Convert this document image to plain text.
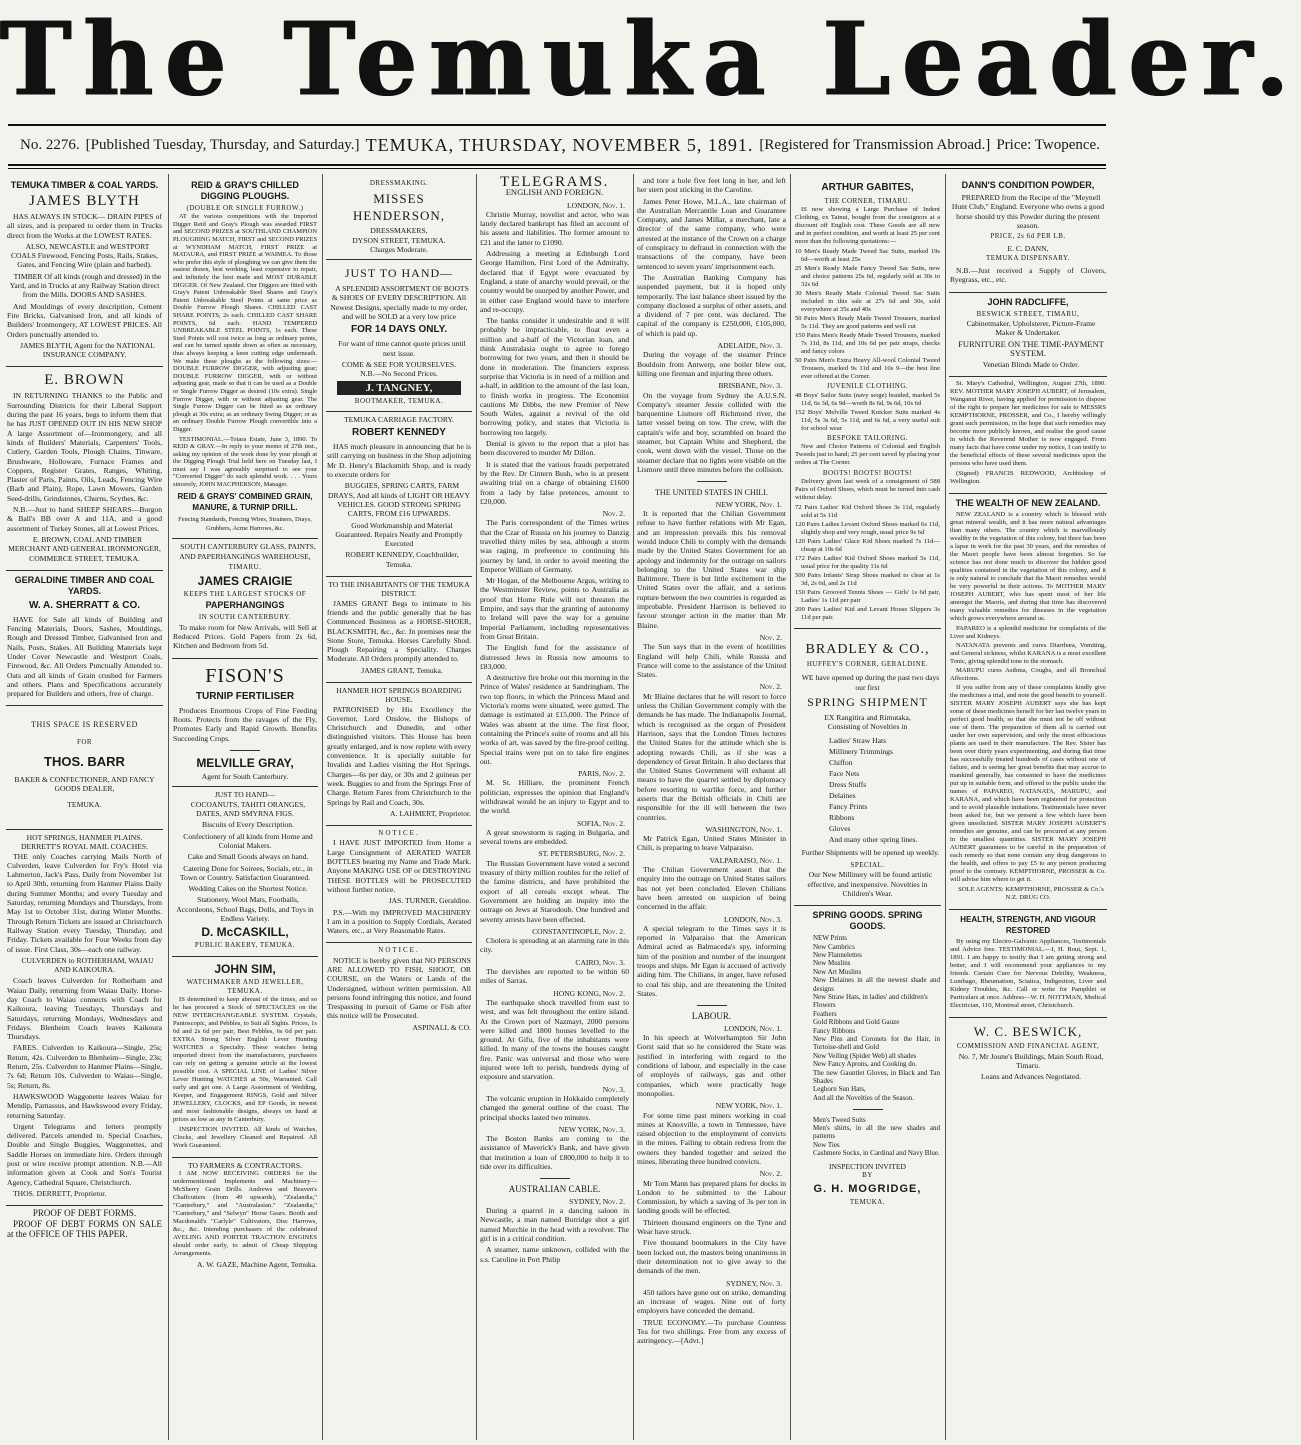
The Temuka Leader.
No. 2276. [Published Tuesday, Thursday, and Saturday.] TEMUKA, THURSDAY, NOVEMBER 5, 1891. [Registered for Transmission Abroad.] Price: Twopence.
TEMUKA TIMBER & COAL YARDS.
JAMES BLYTH

HAS ALWAYS IN STOCK— DRAIN PIPES of all sizes, and is prepared to order them in Trucks direct from the Works at the LOWEST RATES.

ALSO, NEWCASTLE and WESTPORT COALS Firewood, Fencing Posts, Rails, Stakes, Gates, and Fencing Wire (plain and barbed).

TIMBER Of all kinds (rough and dressed) in the Yard, and in Trucks at any Railway Station direct from the Mills. DOORS AND SASHES.

And Mouldings of every description, Cement Fire Bricks, Galvanised Iron, and all kinds of Builders' Ironmongery, AT LOWEST PRICES. All Orders punctually attended to.

JAMES BLYTH, Agent for the NATIONAL INSURANCE COMPANY.

E. BROWN

IN RETURNING THANKS to the Public and Surrounding Districts for their Liberal Support during the past 16 years, begs to inform them that he has JUST OPENED OUT IN HIS NEW SHOP A large Assortment of—Ironmongery, and all kinds of Builders' Materials, Carpenters' Tools, Cutlery, Garden Tools, Plough Chains, Tinware, Brushware, Holloware, Furnace Frames and Coppers, Register Grates, Ranges, Whiting, Plaster of Paris, Paints, Oils, Leads, Fencing Wire (Barb and Plain), Rope, Lawn Mowers, Garden Seed-drills, Grindstones, Churns, Scythes, &c.

N.B.—Just to hand SHEEP SHEARS—Burgon & Ball's BB over A and 11A, and a good assortment of Turkey Stones, all at Lowest Prices.

E. BROWN, COAL AND TIMBER MERCHANT AND GENERAL IRONMONGER, COMMERCE STREET, TEMUKA.

GERALDINE TIMBER AND COAL YARDS.
W. A. SHERRATT & CO.

HAVE for Sale all kinds of Building and Fencing Materials, Doors, Sashes, Mouldings, Rough and Dressed Timber, Galvanised Iron and Nails, Posts, Stakes. All Building Materials kept Under Cover Newcastle and Westport Coals, Firewood, &c. All Orders Punctually Attended to. Oats and all kinds of Grain crushed for Farmers and others. Plans and Specifications accurately prepared for Builders and others, free of charge.

THIS SPACE IS RESERVED
FOR
THOS. BARR
BAKER & CONFECTIONER, AND FANCY GOODS DEALER,
TEMUKA.
HOT SPRINGS, HANMER PLAINS.
DERRETT'S ROYAL MAIL COACHES.

THE only Coaches carrying Mails North of Culverden, leave Culverden for Fry's Hotel via Lahmerton, Jack's Pass, Daily from November 1st to April 30th, returning from Hanmer Plains Daily during Summer Months; and every Tuesday and Saturday, returning Mondays and Thursdays, from May 1st to October 31st, during Winter Months. Through Return Tickets are issued at Christchurch Railway Station every Tuesday, Thursday, and Friday. Tickets available for Four Weeks from day of issue. First Class, 30s—each one railway.

CULVERDEN to ROTHERHAM, WAIAU AND KAIKOURA.

Coach leaves Culverden for Rotherham and Waiau Daily, returning from Waiau Daily. Horse-day Coach to Waiau connects with Coach for Kaikoura, leaving Tuesdays, Thursdays and Saturdays, returning Mondays, Wednesdays and Fridays. Blenheim Coach leaves Kaikoura Thursdays.

FARES. Culverden to Kaikoura—Single, 25s; Return, 42s. Culverden to Blenheim—Single, 23s; Return, 25s. Culverden to Hanmer Plains—Single, 7s 6d; Return 10s. Culverden to Waiau—Single, 5s; Return, 8s.

HAWKSWOOD Waggonette leaves Waiau for Mendip, Parnassus, and Hawkswood every Friday, returning Saturday.

Urgent Telegrams and letters promptly delivered. Parcels attended to. Special Coaches, Double and Single Buggies, Waggonettes, and Saddle Horses on immediate hire. Orders through post or wire receive prompt attention. N.B.—All information given at Cook and Son's Tourist Agency, Cathedral Square, Christchurch.

THOS. DERRETT, Proprietor.

PROOF OF DEBT FORMS.

PROOF OF DEBT FORMS ON SALE at the OFFICE OF THIS PAPER.

REID & GRAY'S CHILLED DIGGING PLOUGHS.
(DOUBLE OR SINGLE FURROW.)

AT the various competitions with the Imported Digger Reid and Gray's Plough was awarded FIRST and SECOND PRIZES at SOUTHLAND CHAMPION PLOUGHING MATCH, FIRST and SECOND PRIZES at WYNDHAM MATCH, FIRST PRIZE at MATAURA, and FIRST PRIZE at WAIMEA. To those who prefer this style of ploughing we can give them the easiest drawn, best working, least expensive to repair, and infinitely the best made and MOST DURABLE DIGGER. Of New Zealand. Our Diggers are fitted with Gray's Patent Unbreakable Steel Shares and Gray's Patent Unbreakable Steel Points at same price as Double Furrow Plough Shares. CHILLED CAST SHARE POINTS, 2s each. CHILLED CAST SHARE POINTS, 6d each. HAND TEMPERED UNBREAKABLE STEEL POINTS, 1s each. These Steel Points will cost twice as long as ordinary points, and can be turned upside down as often as necessary, thus always keeping a keen cutting edge underneath. We make these ploughs as the following sizes:—DOUBLE FURROW DIGGER, with adjusting gear; DOUBLE FURROW DIGGER, with or without adjusting gear, made so that it can be used as a Double or Single Furrow Digger as desired (10s extra). Single Furrow Digger, with or without adjusting gear. The Single Furrow Digger can be fitted as an ordinary plough at 30s extra; as an ordinary Swing Digger; or as an ordinary Double Furrow Plough convertible into a Digger.

TESTIMONIAL.—Totara Estate, June 3, 1890. To REID & GRAY.—In reply to your memo of 27th inst., asking my opinion of the work done by your plough at the Digging Plough Trial held here on Tuesday last, I must say I was agreeably surprised to see your "Converted Digger" do such splendid work. . . . Yours sincerely, JOHN MACPHERSON, Manager.

REID & GRAYS' COMBINED GRAIN, MANURE, & TURNIP DRILL.
Fencing Standards, Fencing Wires, Strainers, Drays, Grubbers, Acme Harrows, &c.

SOUTH CANTERBURY GLASS, PAINTS, AND PAPERHANGINGS WAREHOUSE,

TIMARU.
JAMES CRAIGIE
KEEPS THE LARGEST STOCKS OF
PAPERHANGINGS
IN SOUTH CANTERBURY.

To make room for New Arrivals, will Sell at Reduced Prices. Gold Papers from 2s 6d, Kitchen and Bedroom from 5d.

FISON'S
TURNIP FERTILISER

Produces Enormous Crops of Fine Feeding Roots. Protects from the ravages of the Fly, Promotes Early and Rapid Growth. Benefits Succeeding Crops.

MELVILLE GRAY,
Agent for South Canterbury.
JUST TO HAND—

COCOANUTS, TAHITI ORANGES, DATES, AND SMYRNA FIGS.

Biscuits of Every Description.

Confectionery of all kinds from Home and Colonial Makers.

Cake and Small Goods always on hand.

Catering Done for Soirees, Socials, etc., in Town or Country. Satisfaction Guaranteed.

Wedding Cakes on the Shortest Notice.

Stationery, Wool Mats, Footballs, Accordeons, School Bags, Dolls, and Toys in Endless Variety.

D. McCASKILL,
PUBLIC BAKERY, TEMUKA.
JOHN SIM,
WATCHMAKER AND JEWELLER, TEMUKA.

IS determined to keep abreast of the times, and so he has procured a Stock of SPECTACLES on the NEW INTERCHANGEABLE SYSTEM. Crystals, Pantoscopic, and Pebbles, to Suit all Sights. Prices, 1s 6d and 2s 6d per pair, Best Pebbles, 6s 6d per pair. EXTRA Strong Silver English Lever Hunting WATCHES a Specialty. These watches being imported direct from the manufacturers, purchasers can rely on getting a genuine article at the lowest possible cost. A SPECIAL LINE of Ladies' Silver Lever Hunting WATCHES at 50s, Warranted. Call early and get one. A Large Assortment of Wedding, Keeper, and Engagement RINGS, Gold and Silver JEWELLERY, CLOCKS, and EP Goods, in newest and most fashionable designs, always on hand at prices as low as any in Canterbury.

INSPECTION INVITED. All kinds of Watches, Clocks, and Jewellery Cleaned and Repaired. All Work Guaranteed.

TO FARMERS & CONTRACTORS.

I AM NOW RECEIVING ORDERS for the undermentioned Implements and Machinery—McSherry Grain Drills. Andrews and Beaven's Chaffcutters (from 49 upwards), "Zealandia," "Canterbury," and "Australasian." "Zealandia," "Canterbury," and "Selwyn" Horse Gears. Booth and Macdonald's "Carlyle" Cultivators, Disc Harrows, &c., &c. Intending purchasers of the celebrated AVELING AND PORTER TRACTION ENGINES should order early, to admit of Cheap Shipping Arrangements.

A. W. GAZE, Machine Agent, Temuka.

DRESSMAKING.
MISSES HENDERSON,
DRESSMAKERS,
DYSON STREET, TEMUKA.
Charges Moderate.
JUST TO HAND—

A SPLENDID ASSORTMENT OF BOOTS & SHOES OF EVERY DESCRIPTION. All Newest Designs, specially made to my order, and will be SOLD at a very low price

FOR 14 DAYS ONLY.

For want of time cannot quote prices until next issue.

COME & SEE FOR YOURSELVES.
N.B.—No Second Prices.
J. TANGNEY,
BOOTMAKER, TEMUKA.
TEMUKA CARRIAGE FACTORY.
ROBERT KENNEDY

HAS much pleasure in announcing that he is still carrying on business in the Shop adjoining Mr D. Henry's Blacksmith Shop, and is ready to execute orders for

BUGGIES, SPRING CARTS, FARM DRAYS, And all kinds of LIGHT OR HEAVY VEHICLES. GOOD STRONG SPRING CARTS, FROM £16 UPWARDS.

Good Workmanship and Material Guaranteed. Repairs Neatly and Promptly Executed

ROBERT KENNEDY, Coachbuilder, Temuka.

TO THE INHABITANTS OF THE TEMUKA DISTRICT.

JAMES GRANT Begs to intimate to his friends and the public generally that he has Commenced Business as a HORSE-SHOER, BLACKSMITH, &c., &c. In premises near the Stone Store, Temuka. Horses Carefully Shod. Plough Repairing a Speciality. Charges Moderate. All Orders promptly attended to.

JAMES GRANT, Temuka.

HANMER HOT SPRINGS BOARDING HOUSE.

PATRONISED by His Excellency the Governor, Lord Onslow, the Bishops of Christchurch and Dunedin, and other distinguished visitors. This House has been greatly enlarged, and is now replete with every convenience. It is specially suitable for Invalids and Ladies visiting the Hot Springs. Charges—6s per day, or 30s and 2 guineas per week. Buggies to and from the Springs Free of Charge. Return Fares from Christchurch to the Springs by Rail and Coach, 30s.

A. LAHMERT, Proprietor.

NOTICE.

I HAVE JUST IMPORTED from Home a Large Consignment of AERATED WATER BOTTLES bearing my Name and Trade Mark. Anyone MAKING USE OF or DESTROYING THESE BOTTLES will be PROSECUTED without further notice.

JAS. TURNER, Geraldine.

P.S.—With my IMPROVED MACHINERY I am in a position to Supply Cordials, Aerated Waters, etc., at Very Reasonable Rates.

NOTICE.

NOTICE is hereby given that NO PERSONS ARE ALLOWED TO FISH, SHOOT, OR COURSE, on the Waters or Lands of the Undersigned, without written permission. All persons found infringing this notice, and found Trespassing in pursuit of Game or Fish after this notice will be Prosecuted.

ASPINALL & CO.

TELEGRAMS.
ENGLISH AND FOREIGN.
LONDON, Nov. 1.

Christie Murray, novelist and actor, who was lately declared bankrupt has filed an account of his assets and liabilities. The former amount to £21 and the latter to £1090.

Addressing a meeting at Edinburgh Lord George Hamilton, First Lord of the Admiralty, declared that if Egypt were evacuated by England, a state of anarchy would prevail, or the country would be usurped by another Power, and in either case England would have to interfere and re-occupy.

The banks consider it undesirable and it will probably be impracticable, to float even a million and a-half of the Victorian loan, and think Australasia ought to agree to forego borrowing for two years, and then it should be done in moderation. The financiers express surprise that Victoria is in need of a million and a-half, in addition to the amount of the last loan, to finish works in progress. The Economist cautions Mr Dibbs, the new Premier of New South Wales, against a revival of the old borrowing policy, and states that Victoria is borrowing too largely.

Denial is given to the report that a plot has been discovered to murder Mr Dillon.

It is stated that the various frauds perpetrated by the Rev. Dr Cintern Bush, who is at present awaiting trial on a charge of obtaining £1600 from a lady by false pretences, amount to £20,000.

Nov. 2.

The Paris correspondent of the Times writes that the Czar of Russia on his journey to Danzig travelled thirty miles by sea, although a storm was raging, in preference to continuing his journey by land, in order to avoid meeting the Emperor William of Germany.

Mr Hogan, of the Melbourne Argus, writing to the Westminster Review, points to Australia as proof that Home Rule will not threaten the Empire, and says that the granting of autonomy to Ireland will pave the way for a genuine Imperial Parliament, including representatives from Great Britain.

The English fund for the assistance of distressed Jews in Russia now amounts to £83,000.

A destructive fire broke out this morning in the Prince of Wales' residence at Sandringham. The two top floors, in which the Princess Maud and Victoria's rooms were situated, were gutted. The damage is estimated at £15,000. The Prince of Wales was absent at the time. The first floor, containing the Prince's suite of rooms and all his works of art, was saved by the fire-proof ceiling. Special trains were put on to take fire engines out.

PARIS, Nov. 2.

M. St. Hilliare, the prominent French politician, expresses the opinion that England's withdrawal would be an injury to Egypt and to the world.

SOFIA, Nov. 2.

A great snowstorm is raging in Bulgaria, and several towns are embedded.

ST. PETERSBURG, Nov. 2.

The Russian Government have voted a second treasury of thirty million roubles for the relief of the famine districts, and have prohibited the export of all cereals except wheat. The Government are holding an inquiry into the outrage on Jews at Starodoub. One hundred and seventy arrests have been effected.

CONSTANTINOPLE, Nov. 2.

Cholera is spreading at an alarming rate in this city.

CAIRO, Nov. 3.

The dervishes are reported to be within 60 miles of Sarras.

HONG KONG, Nov. 2.

The earthquake shock travelled from east to west, and was felt throughout the entire island. At the Crown port of Nazmayt, 2000 persons were killed and 1800 houses levelled to the ground. At Gifu, five of the inhabitants were killed. In many of the towns the houses caught fire. Panic was universal and those who were injured were left to perish, hundreds dying of exposure and starvation.

Nov. 3.

The volcanic eruption in Hokkaido completely changed the general outline of the coast. The principal shocks lasted two minutes.

NEW YORK, Nov. 3.

The Boston Banks are coming to the assistance of Maverick's Bank, and have given that institution a loan of £800,000 to help it to tide over its difficulties.

AUSTRALIAN CABLE.
SYDNEY, Nov. 2.

During a quarrel in a dancing saloon in Newcastle, a man named Burridge shot a girl named Murchie in the head with a revolver. The girl is in a critical condition.

A steamer, name unknown, collided with the s.s. Caroline in Port Philip

and tore a hole five feet long in her, and left her stern post sticking in the Caroline.

James Peter Howe, M.L.A., late chairman of the Australian Mercantile Loan and Guarantee Company, and James Millar, a merchant, late a director of the same company, who were arrested at the instance of the Crown on a charge of conspiracy to defraud in connection with the transactions of the company, have been sentenced to seven years' imprisonment each.

The Australian Banking Company has suspended payment, but it is hoped only temporarily. The last balance sheet issued by the company disclosed a surplus of other assets, and a dividend of 7 per cent. was declared. The capital of the company is £250,000, £105,000, of which is paid up.

ADELAIDE, Nov. 3.

During the voyage of the steamer Prince Bouldoin from Antwerp, one boiler blew out, killing one fireman and injuring three others.

BRISBANE, Nov. 3.

On the voyage from Sydney the A.U.S.N. Company's steamer Jessie collided with the barquentine Lismore off Richmond river, the latter vessel being on tow. The crew, with the captain's wife and boy, scrambled on board the steamer, but Captain White and Shepherd, the cook, went down with the vessel. Those on the steamer declare that no lights were visible on the Lismore until three minutes before the collision.

THE UNITED STATES IN CHILI.
NEW YORK, Nov. 1.

It is reported that the Chilian Government refuse to have further relations with Mr Egan, and an impression prevails this his removal would induce Chili to comply with the demands made by the United States Government for an apology and indemnity for the outrage on sailors belonging to the United States war ship Baltimore. There is but little excitement in the United States over the affair, and a serious rupture between the two countries is regarded as improbable. President Harrison is believed to favour stronger action in the matter than Mr Blaine.

Nov. 2.

The Sun says that in the event of hostilities England will help Chili, while Russia and France will come to the assistance of the United States.

Nov. 2.

Mr Blaine declares that he will resort to force unless the Chilian Government comply with the demands he has made. The Indianapolis Journal, which is recognised as the organ of President Harrison, says that the London Times lectures the United States for the attitude which she is adopting towards Chili, as if she was a dependency of Great Britain. It also declares that the United States Government will exhaust all means to have the quarrel settled by diplomacy before resorting to warlike force, and further asserts that the British officials in Chili are responsible for the ill will between the two countries.

WASHINGTON, Nov. 1.

Mr Patrick Egan, United States Minister in Chili, is preparing to leave Valparaiso.

VALPARAISO, Nov. 1.

The Chilian Government assert that the enquiry into the outrage on United States sailors has not yet been concluded. Eleven Chilians have been arrested on suspicion of being concerned in the affair.

LONDON, Nov. 3.

A special telegram to the Times says it is reported in Valparaiso that the American Admiral acted as Balmaceda's spy, informing him of the position and number of the insurgent troops and ships. Mr Egan is accused of actively aiding him. The Chilians, in anger, have refused to coal his ship, and are threatening the United States.

LABOUR.
LONDON, Nov. 1.

In his speech at Wolverhampton Sir John Gorst said that so he considered the State was justified in interfering with regard to the conditions of labour, and especially in the case of employés of railways, gas and other companies, which were practically huge monopolies.

NEW YORK, Nov. 1.

For some time past miners working in coal mines at Knoxville, a town in Tennessee, have raised objection to the employment of convicts in the mines. Failing to obtain redress from the owners they banded together and seized the mines, liberating three hundred convicts.

Nov. 2.

Mr Tom Mann has prepared plans for docks in London to be submitted to the Labour Commission, by which a saving of 3s per ton in landing goods will be effected.

Thirteen thousand engineers on the Tyne and Wear have struck.

Five thousand bootmakers in the City have been locked out, the masters being unanimous in their determination not to give away to the demands of the men.

SYDNEY, Nov. 3.

450 tailors have gone out on strike, demanding an increase of wages. Nine out of forty employers have conceded the demand.

TRUE ECONOMY.—To purchase Countess Tea for two shillings. Free from any excess of astringency.—[Advt.]

ARTHUR GABITES,
THE CORNER, TIMARU.

IS now showing a Large Purchase of Indent Clothing, ex Tainui, bought from the consignors at a discount off English cost. These Goods are all new and in perfect condition, and worth at least 25 per cent more than the following quotations:—

10 Men's Ready Made Tweed Sac Suits, marked 19s 6d—worth at least 25s
25 Men's Ready Made Fancy Tweed Sac Suits, new and choice patterns 25s 6d, regularly sold at 30s to 32s 6d
30 Men's Ready Made Colonial Tweed Sac Suits included in this sale at 27s 6d and 30s, sold everywhere at 35s and 40s
50 Pairs Men's Ready Made Tweed Trousers, marked 5s 11d. They are good patterns and well cut
150 Pairs Men's Ready Made Tweed Trousers, marked 7s 11d, 8s 11d, and 10s 6d per pair straps, checks and fancy colors
50 Pairs Men's Extra Heavy All-wool Colonial Tweed Trousers, marked 9s 11d and 10s 9—the best line ever offered at the Corner.
JUVENILE CLOTHING.
48 Boys' Sailor Suits (navy serge) braided, marked 5s 11d, 6s 3d, 6s 9d—worth 8s 6d, 9s 6d, 10s 6d
152 Boys' Melville Tweed Knicker Suits marked 4s 11d, 5s 3s 6d, 5s 11d, and 6s 6d, a very useful suit for school wear
BESPOKE TAILORING.

New and Choice Patterns of Colonial and English Tweeds just to hand; 25 per cent saved by placing your orders at The Corner.

BOOTS! BOOTS! BOOTS!

Delivery given last week of a consignment of 588 Pairs of Oxford Shoes, which must be turned into cash without delay.

72 Pairs Ladies' Kid Oxford Shoes 3s 11d, regularly sold at 5s 11d
120 Pairs Ladies Levant Oxford Shoes marked 6s 11d, slightly shop and very rough, usual price 9s 6d
120 Pairs Ladies' Glace Kid Shoes marked 7s 11d—cheap at 10s 6d
172 Pairs Ladies' Kid Oxford Shoes marked 5s 11d, usual price for the quality 11s 6d
500 Pairs Infants' Strap Shoes marked to clear at 1s 3d, 2s 6d, and 2s 11d
150 Pairs Grooved Tennis Shoes — Girls' 1s 6d pair, Ladies' 1s 11d per pair
200 Pairs Ladies' Kid and Levant House Slippers 3s 11d per pair.
BRADLEY & CO.,
HUFFEY'S CORNER, GERALDINE.

WE have opened up during the past two days our first

SPRING SHIPMENT
EX Rangitira and Rimutaka,
Consisting of Novelties in
Ladies' Straw Hats
Millinery Trimmings
Chiffon
Face Nets
Dress Stuffs
Delaines
Fancy Prints
Ribbons
Gloves
And many other spring lines.

Further Shipments will be opened up weekly.

SPECIAL.

Our New Millinery will be found artistic effective, and inexpensive. Novelties in Children's Wear.

SPRING GOODS. SPRING GOODS.
NEW Prints
New Cambrics
New Flannelettes
New Muslins
New Art Muslins
New Delaines in all the newest shade and designs
New Straw Hats, in ladies' and children's
Flowers
Feathers
Gold Ribbons and Gold Gauze
Fancy Ribbons
New Pins and Coronets for the Hair, in Tortoise-shell and Gold
New Veiling (Spider Web) all shades
New Fancy Aprons, and Cooking do.
The new Gauntlet Gloves, in Black and Tan Shades
Leghorn Sun Hats,
And all the Novelties of the Season.
Men's Tweed Suits
Men's shirts, in all the new shades and patterns
New Ties
Cashmere Socks, in Cardinal and Navy Blue.
INSPECTION INVITED
BY
G. H. MOGRIDGE,
TEMUKA.
DANN'S CONDITION POWDER,

PREPARED from the Recipe of the "Meynell Hunt Club," England. Everyone who owns a good horse should try this Powder during the present season.

PRICE, 2s 6d PER LB.
E. C. DANN,
TEMUKA DISPENSARY.

N.B.—Just received a Supply of Clovers, Ryegrass, etc., etc.

JOHN RADCLIFFE,
BESWICK STREET, TIMARU,

Cabinetmaker, Upholsterer, Picture-Frame Maker & Undertaker.

FURNITURE ON THE TIME-PAYMENT SYSTEM.

Venetian Blinds Made to Order.

St. Mary's Cathedral, Wellington, August 27th, 1890. REV. MOTHER MARY JOSEPH AUBERT, of Jerusalem, Wanganui River, having applied for permission to dispose of the right to prepare her medicines for sale to MESSRS KEMPTHORNE, PROSSER, and Co., I hereby willingly grant such permission, in the hope that such remedies may become more publicly known, and realise the good cause in which the Reverend Mother is now engaged. From many facts that have come under my notice, I can testify to the beneficial effects of these several medicines upon the persons who have used them.

(Signed) FRANCIS REDWOOD, Archbishop of Wellington.

THE WEALTH OF NEW ZEALAND.

NEW ZEALAND is a country which is blessed with great mineral wealth, and it has more natural advantages than many others. The country which is marvellously wealthy in the vegetation of this colony, but there has been a lapse in work for the past 30 years, and the remedies of the Maori people have been almost forgotten. So far science has not done much to discover the hidden good qualities contained in the vegetation of this colony, and it is only natural to conclude that the Maori remedies would be very powerful in their actions. To MOTHER MARY JOSEPH AUBERT, who has spent most of her life amongst the Maoris, and during that time has discovered many valuable remedies for diseases in the vegetation which grows everywhere around us.

PAPAREO is a splendid medicine for complaints of the Liver and Kidneys.
NATANATA prevents and cures Diarrhœa, Vomiting, and General sickness, whilst KARANA is a most excellent Tonic, giving splendid tone to the stomach.
MARUPU cures Asthma, Coughs, and all Bronchial Affections.

If you suffer from any of these complaints kindly give the medicines a trial, and note the good benefit to yourself. SISTER MARY JOSEPH AUBERT says she has kept some of these medicines herself for her last twelve years in perfect good health, so that she must not be off without one of them. The preparation of them all is carried out under her own supervision, and only the most efficacious plants are used in their manufacture. The Rev. Sister has been over thirty years experimenting, and during that time has successfully treated hundreds of cases without one of failure, and is seeing her great benefits that may accrue to mankind generally, has consented to have the medicines put up in suitable form, and offered to the public under the names of PAPAREO, NATANATA, MARUPU, and KARANA, and which have been registered for protection and to avoid plausible imitations. Testimonials have never been asked for, but we present a few which have been given unsolicited. SISTER MARY JOSEPH AUBERT'S remedies are genuine, and can be procured at any person in the smallest quantities. SISTER MARY JOSEPH AUBERT guarantees to be careful in the preparation of each remedy so that none contain any drug dangerous to the health, and offers to pay £5 to any person producing proof to the contrary. KEMPTHORNE, PROSSER & Co. will advise him where to get it.

SOLE AGENTS: KEMPTHORNE, PROSSER & Co.'s N.Z. DRUG CO.

HEALTH, STRENGTH, AND VIGOUR RESTORED

By using my Electro-Galvanic Appliances, Testimonials and Advice free. TESTIMONIAL.—I, H. Rout, Sept. 1, 1891. I am happy to testify that I am getting strong and better, and I will recommend your appliances to my friends. Certain Cure for Nervous Debility, Weakness, Lumbago, Rheumatism, Sciatica, Indigestion, Liver and Kidney Troubles, &c. Call or write for Pamphlet or Particulars at once. Address—W. H. NOTTMAN, Medical Electrician, 110, Montreal street, Christchurch.

W. C. BESWICK,
COMMISSION AND FINANCIAL AGENT,

No. 7, Mr Joune's Buildings, Main South Road, Timaru.

Loans and Advances Negotiated.
